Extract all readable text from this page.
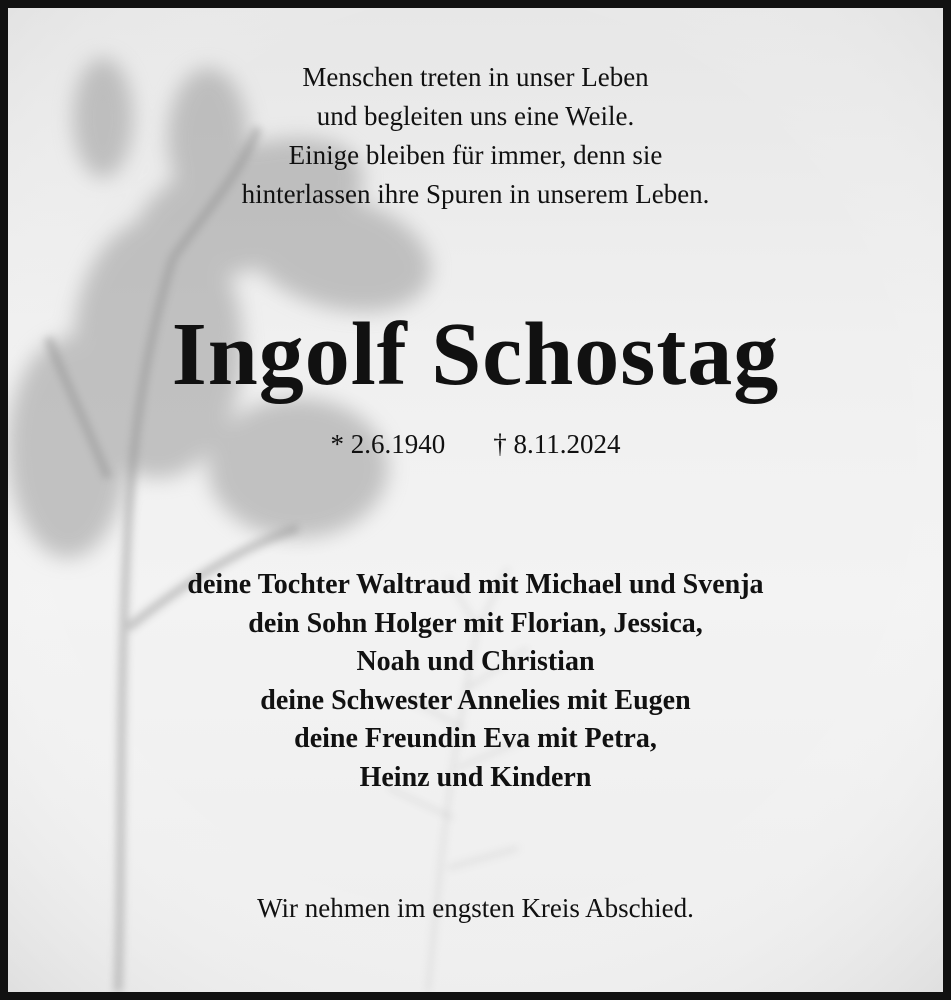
Menschen treten in unser Leben
und begleiten uns eine Weile.
Einige bleiben für immer, denn sie
hinterlassen ihre Spuren in unserem Leben.
Ingolf Schostag
* 2.6.1940 † 8.11.2024
deine Tochter Waltraud mit Michael und Svenja
dein Sohn Holger mit Florian, Jessica,
Noah und Christian
deine Schwester Annelies mit Eugen
deine Freundin Eva mit Petra,
Heinz und Kindern
Wir nehmen im engsten Kreis Abschied.
